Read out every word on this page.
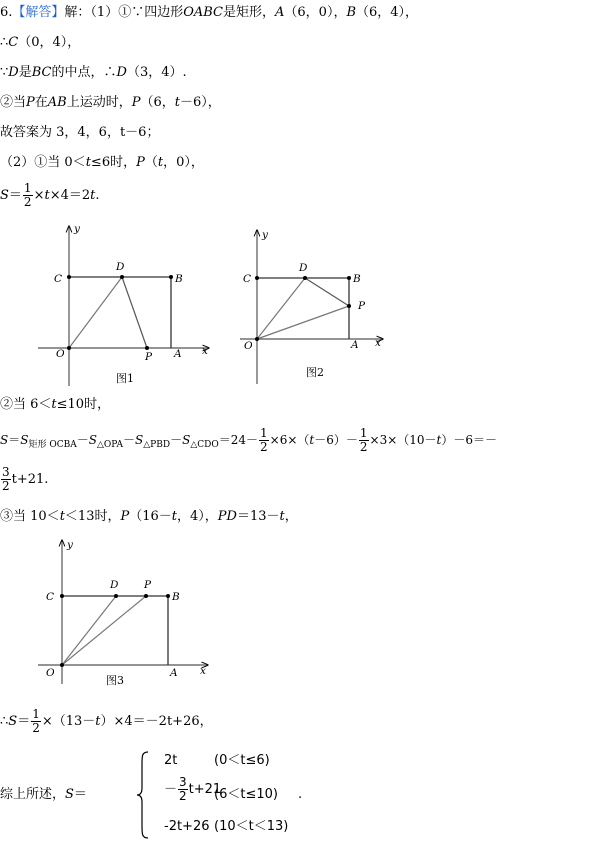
6.【解答】解：（1）①∵四边形OABC是矩形，A（6，0），B（6，4），
∴C（0，4），
∵D是BC的中点，∴D（3，4）.
②当P在AB上运动时，P（6，t－6），
故答案为 3，4，6，t－6；
（2）①当 0＜t≤6时，P（t，0），
$S= \frac{1}{2} \times t\times 4=2t$.
y
x
C
D
B
O	P A
图1
y
x
C
D
B
P
O	A
图2
②当 6＜t≤10时，
$S=S_{矩形 OCBA}-S_{\triangle OPA}-S_{\triangle PBD}-S_{\triangle CDO}=24- \frac{1}{2} \times 6\times(t-6)- \frac{1}{2} \times 3\times(10-t)-6=-$
$\frac{3}{2} t+21$.
③当 10＜t＜13时，P（16－t，4），PD＝13－t，
y
x
C
D P
B
O	A
图3
∴S＝ $\frac{1}{2} \times(13-t)\times 4=-2t+26$，
综上所述，S＝
2t	(0＜t≤6)
－ $\frac{3}{2} t+21$
(6＜t≤10)
-2t+26 (10＜t＜13)
.
